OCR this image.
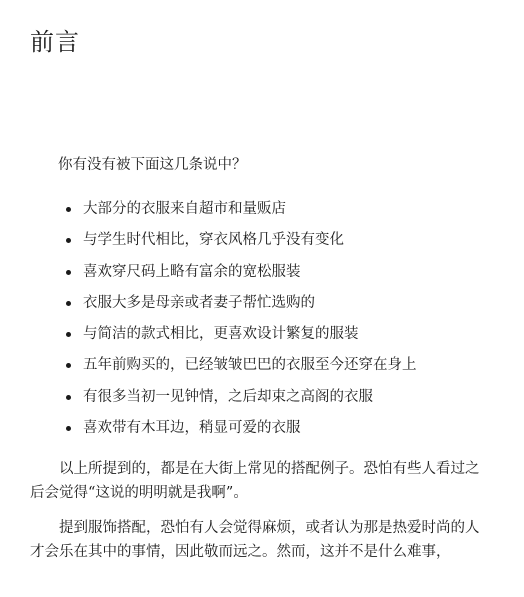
前言

你有没有被下面这几条说中？

大部分的衣服来自超市和量贩店
与学生时代相比，穿衣风格几乎没有变化
喜欢穿尺码上略有富余的宽松服装
衣服大多是母亲或者妻子帮忙选购的
与简洁的款式相比，更喜欢设计繁复的服装
五年前购买的，已经皱皱巴巴的衣服至今还穿在身上
有很多当初一见钟情，之后却束之高阁的衣服
喜欢带有木耳边，稍显可爱的衣服

以上所提到的，都是在大街上常见的搭配例子。恐怕有些人看过之后会觉得“这说的明明就是我啊”。

提到服饰搭配，恐怕有人会觉得麻烦，或者认为那是热爱时尚的人才会乐在其中的事情，因此敬而远之。然而，这并不是什么难事，
